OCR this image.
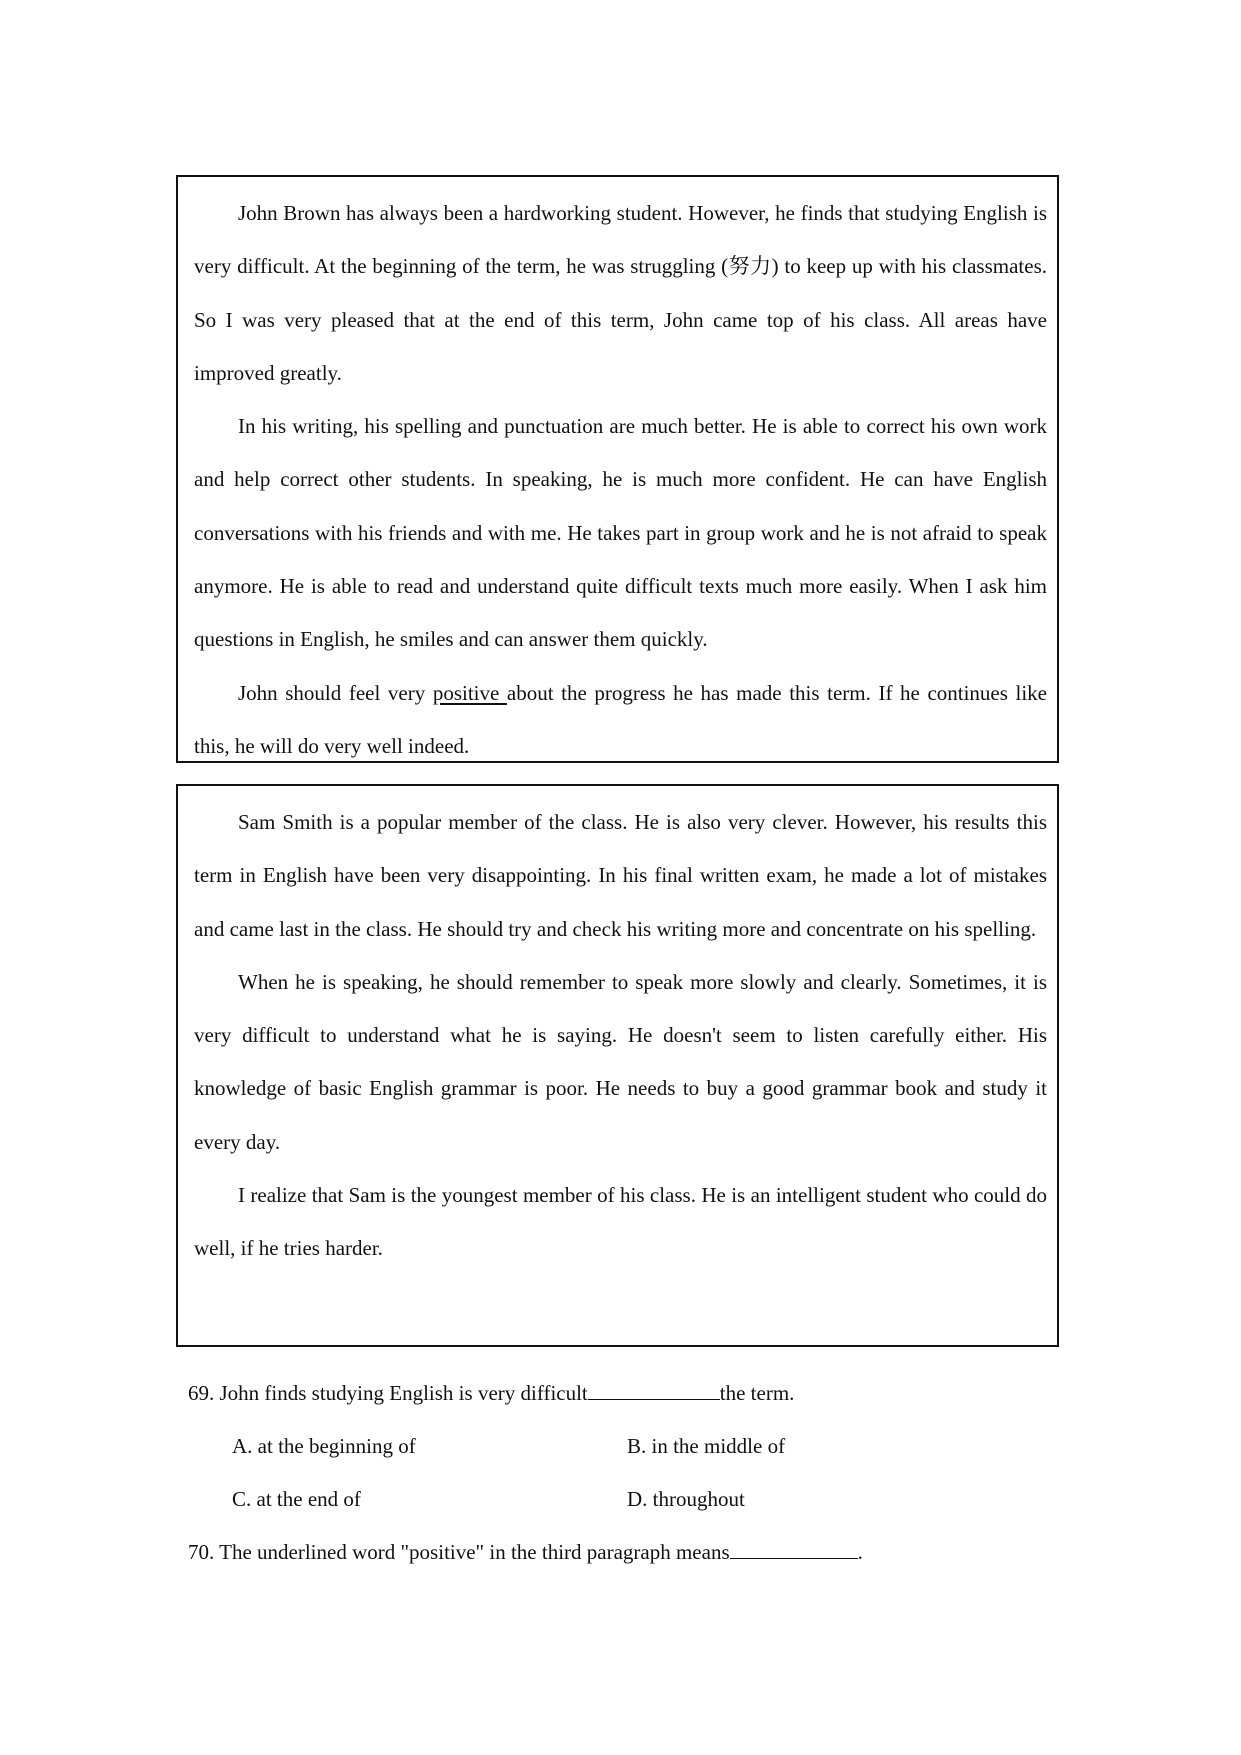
John Brown has always been a hardworking student. However, he finds that studying English is very difficult. At the beginning of the term, he was struggling (努力) to keep up with his classmates. So I was very pleased that at the end of this term, John came top of his class. All areas have improved greatly.

In his writing, his spelling and punctuation are much better. He is able to correct his own work and help correct other students. In speaking, he is much more confident. He can have English conversations with his friends and with me. He takes part in group work and he is not afraid to speak anymore. He is able to read and understand quite difficult texts much more easily. When I ask him questions in English, he smiles and can answer them quickly.

John should feel very positive about the progress he has made this term. If he continues like this, he will do very well indeed.

Sam Smith is a popular member of the class. He is also very clever. However, his results this term in English have been very disappointing. In his final written exam, he made a lot of mistakes and came last in the class. He should try and check his writing more and concentrate on his spelling.

When he is speaking, he should remember to speak more slowly and clearly. Sometimes, it is very difficult to understand what he is saying. He doesn't seem to listen carefully either. His knowledge of basic English grammar is poor. He needs to buy a good grammar book and study it every day.

I realize that Sam is the youngest member of his class. He is an intelligent student who could do well, if he tries harder.

69. John finds studying English is very difficult	the term.
A. at the beginning of	B. in the middle of
C. at the end of	D. throughout
70. The underlined word "positive" in the third paragraph means	.
